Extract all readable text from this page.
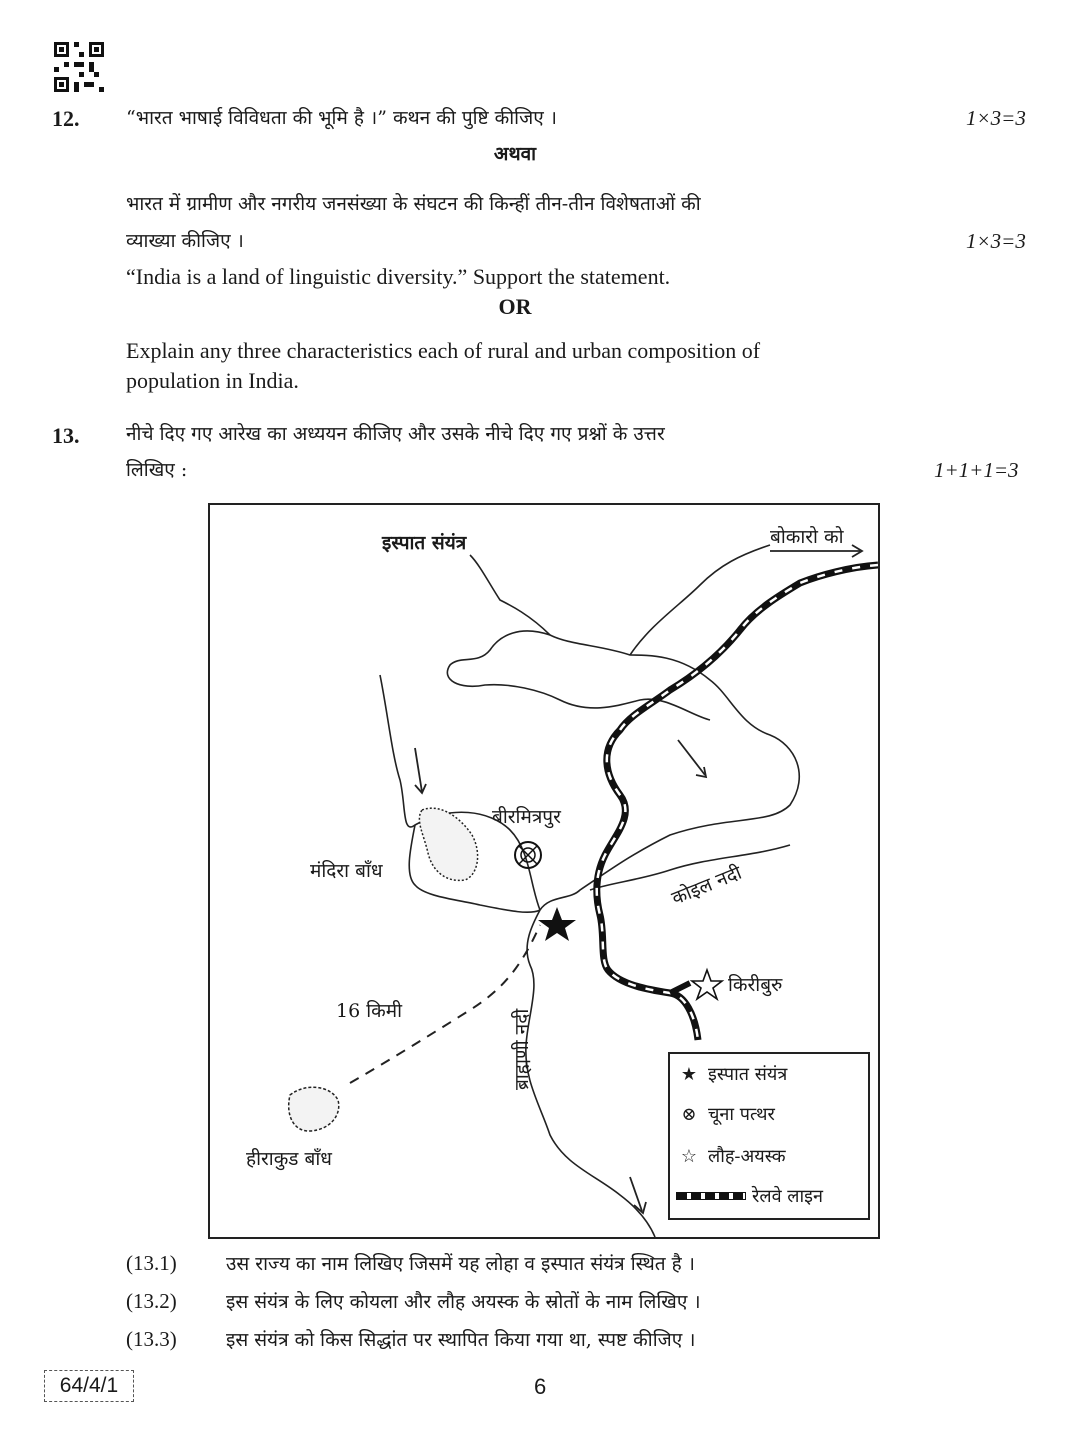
12. “भारत भाषाई विविधता की भूमि है ।” कथन की पुष्टि कीजिए ।	1×3=3
अथवा
भारत में ग्रामीण और नगरीय जनसंख्या के संघटन की किन्हीं तीन-तीन विशेषताओं की
व्याख्या कीजिए ।	1×3=3
“India is a land of linguistic diversity.” Support the statement.
OR
Explain any three characteristics each of rural and urban composition of
population in India.
13. नीचे दिए गए आरेख का अध्ययन कीजिए और उसके नीचे दिए गए प्रश्नों के उत्तर
लिखिए :	1+1+1=3
इस्पात संयंत्र	बोकारो को
बीरमित्रपुर
मंदिरा बाँध	कोइल नदी
ब्राह्मणी नदी
किरीबुरु
16 किमी
हीराकुड बाँध
★ इस्पात संयंत्र
⊗ चूना पत्थर
☆ लौह-अयस्क
रेलवे लाइन
(13.1)	उस राज्य का नाम लिखिए जिसमें यह लोहा व इस्पात संयंत्र स्थित है ।
(13.2)	इस संयंत्र के लिए कोयला और लौह अयस्क के स्रोतों के नाम लिखिए ।
(13.3)	इस संयंत्र को किस सिद्धांत पर स्थापित किया गया था, स्पष्ट कीजिए ।
64/4/1	6
